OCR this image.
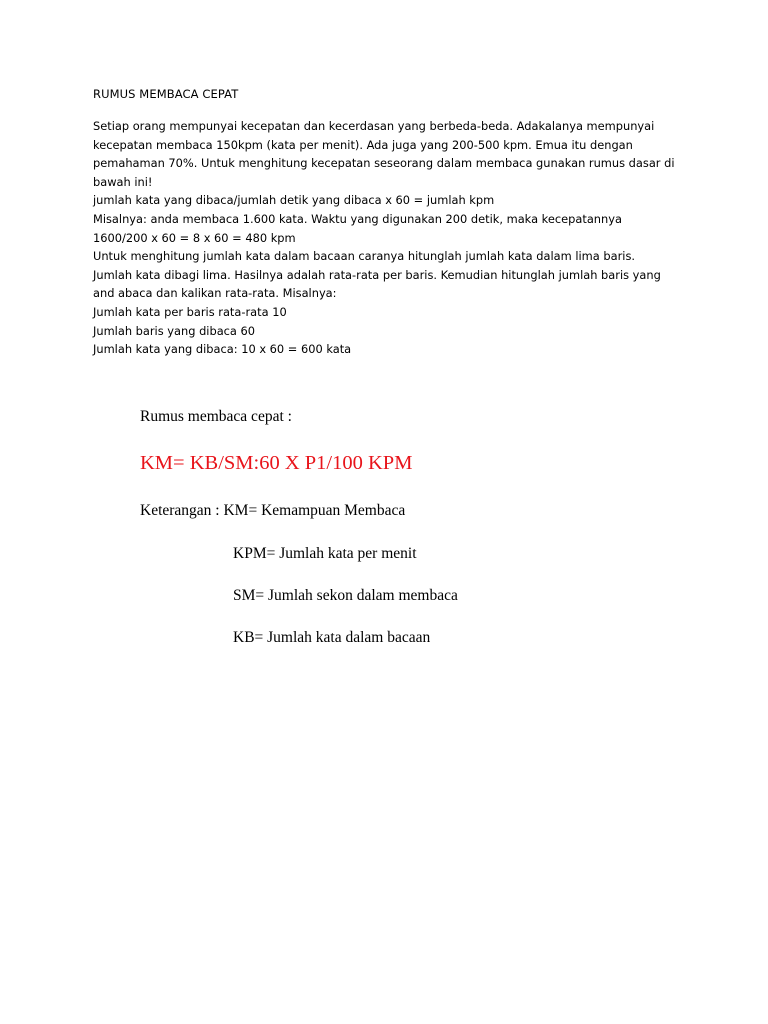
RUMUS MEMBACA CEPAT
Setiap orang mempunyai kecepatan dan kecerdasan yang berbeda-beda. Adakalanya mempunyai
kecepatan membaca 150kpm (kata per menit). Ada juga yang 200-500 kpm. Emua itu dengan
pemahaman 70%. Untuk menghitung kecepatan seseorang dalam membaca gunakan rumus dasar di
bawah ini!
jumlah kata yang dibaca/jumlah detik yang dibaca x 60 = jumlah kpm
Misalnya: anda membaca 1.600 kata. Waktu yang digunakan 200 detik, maka kecepatannya
1600/200 x 60 = 8 x 60 = 480 kpm
Untuk menghitung jumlah kata dalam bacaan caranya hitunglah jumlah kata dalam lima baris.
Jumlah kata dibagi lima. Hasilnya adalah rata-rata per baris. Kemudian hitunglah jumlah baris yang
and abaca dan kalikan rata-rata. Misalnya:
Jumlah kata per baris rata-rata 10
Jumlah baris yang dibaca 60
Jumlah kata yang dibaca: 10 x 60 = 600 kata
Rumus membaca cepat :
KM= KB/SM:60 X P1/100 KPM
Keterangan : KM= Kemampuan Membaca
KPM= Jumlah kata per menit
SM= Jumlah sekon dalam membaca
KB= Jumlah kata dalam bacaan
